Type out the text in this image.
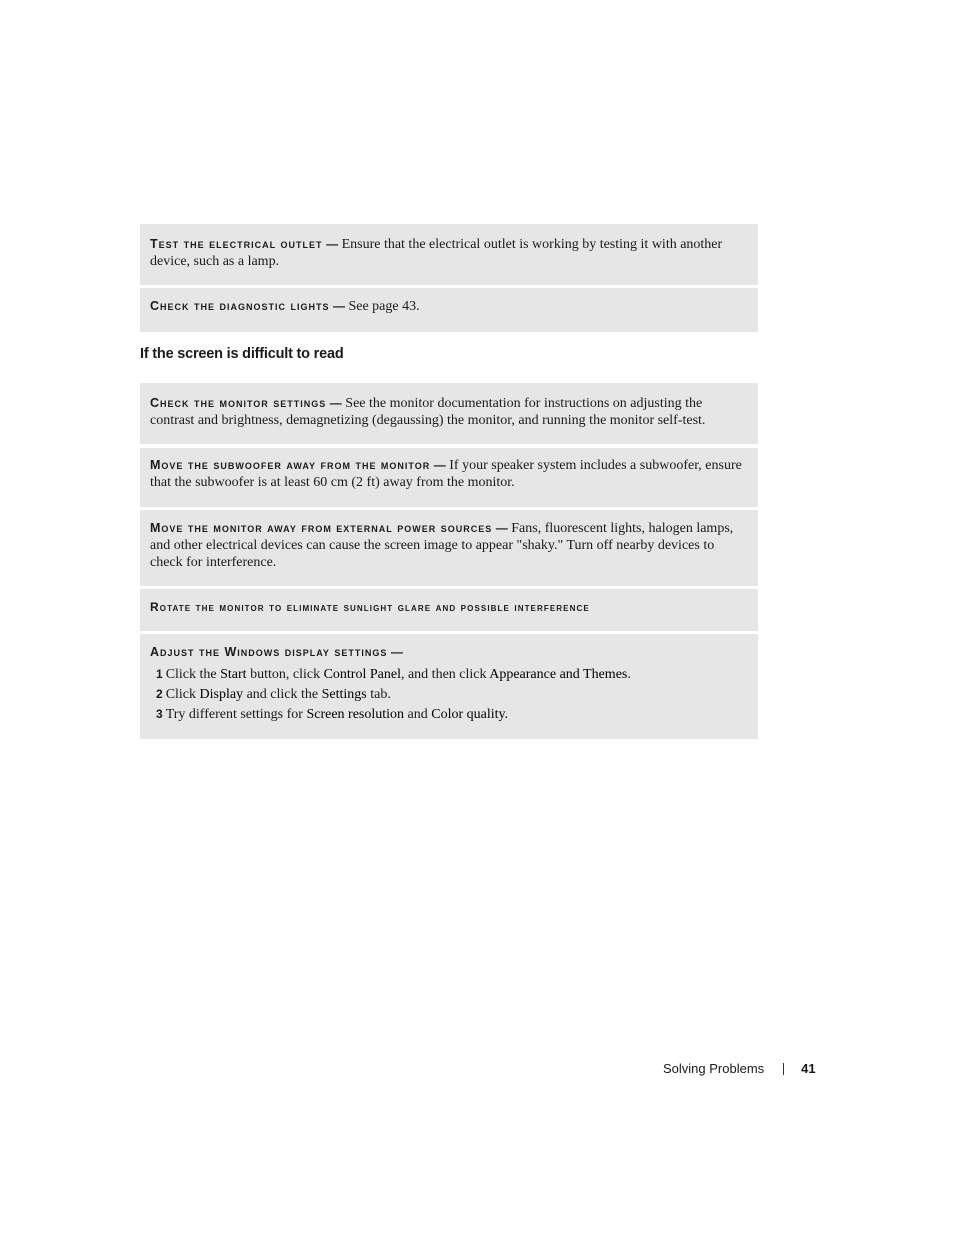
Test the electrical outlet — Ensure that the electrical outlet is working by testing it with another device, such as a lamp.
Check the diagnostic lights — See page 43.
If the screen is difficult to read
Check the monitor settings — See the monitor documentation for instructions on adjusting the contrast and brightness, demagnetizing (degaussing) the monitor, and running the monitor self-test.
Move the subwoofer away from the monitor — If your speaker system includes a subwoofer, ensure that the subwoofer is at least 60 cm (2 ft) away from the monitor.
Move the monitor away from external power sources — Fans, fluorescent lights, halogen lamps, and other electrical devices can cause the screen image to appear "shaky." Turn off nearby devices to check for interference.
Rotate the monitor to eliminate sunlight glare and possible interference
Adjust the Windows display settings —
1 Click the Start button, click Control Panel, and then click Appearance and Themes.
2 Click Display and click the Settings tab.
3 Try different settings for Screen resolution and Color quality.
Solving Problems	41
